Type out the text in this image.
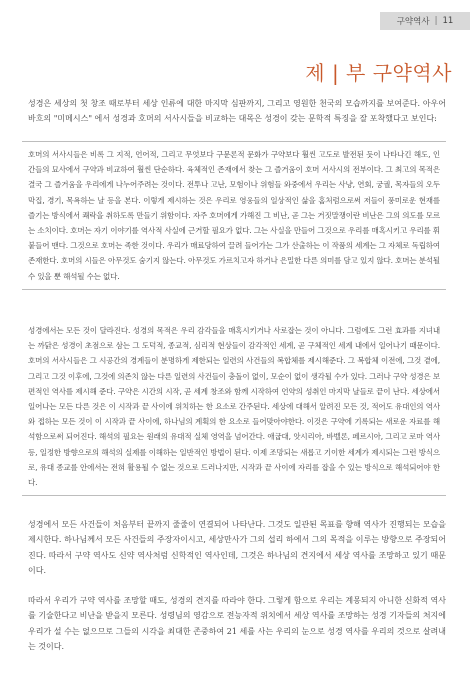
구약역사 | 11
제 | 부 구약역사

성경은 세상의 첫 창조 때로부터 세상 인류에 대한 마지막 심판까지, 그리고 영원한 천국의 모습까지를 보여준다. 아우어바흐의 "미메시스" 에서 성경과 호머의 서사시들을 비교하는 대목은 성경이 갖는 문학적 특징을 잘 포착했다고 보인다:

호머의 서사시들은 비록 그 지적, 언어적, 그리고 무엇보다 구문론적 문화가 구약보다 훨씬 고도로 발전된 듯이 나타나긴 해도, 인간들의 묘사에서 구약과 비교하여 훨씬 단순하다. 육체적인 존재에서 찾는 그 즐거움이 호머 서사시의 전부이다. 그 최고의 목적은 결국 그 즐거움을 우리에게 나누어주려는 것이다. 전투나 고난, 모험이나 위험들 와중에서 우리는 사냥, 연회, 궁궐, 목자들의 오두막집, 경기, 목욕하는 날 등을 본다. 이렇게 제시하는 것은 우리로 영웅들의 일상적인 삶을 홈처럼으로써 저들이 풍미로운 현재를 즐기는 방식에서 쾌락을 취하도록 만들기 위함이다. 자주 호머에게 가해진 그 비난, 곧 그는 거짓말쟁이란 비난은 그의 의도를 모르는 소치이다. 호머는 자기 이야기를 역사적 사실에 근거할 필요가 없다. 그는 사실을 만들어 그것으로 우리를 매혹시키고 우리를 휘 붙들어 맨다. 그것으로 호머는 족한 것이다. 우리가 매료당하여 끌려 들어가는 그가 산출하는 이 작품의 세계는 그 자체로 독립하여 존재한다. 호머의 시들은 아무것도 숨기지 않는다. 아무것도 가르치고자 하거나 은밀한 다른 의미를 담고 있지 않다. 호머는 분석될 수 있을 뿐 해석될 수는 없다.

성경에서는 모든 것이 달라진다. 성경의 목적은 우리 감각들을 매혹시키거나 사로잡는 것이 아니다. 그럼에도 그런 효과를 지녀내는 까닭은 성경이 초점으로 삼는 그 도덕적, 종교적, 심리적 현상들이 감각적인 세계, 곧 구체적인 세계 내에서 일어나기 때문이다. 호머의 서사시들은 그 시공간의 경계들이 분명하게 제한되는 일련의 사건들의 복합체를 제시해준다. 그 복합체 이전에, 그것 곁에, 그리고 그것 이후에, 그것에 의존치 않는 다른 일련의 사건들이 충돌이 없이, 모순이 없이 생각될 수가 있다. 그러나 구약 성경은 보편적인 역사를 제시해 준다. 구약은 시간의 시작, 곧 세계 창조와 함께 시작하여 언약의 성취인 마지막 날들로 끝이 난다. 세상에서 일어나는 모든 다른 것은 이 시작과 끝 사이에 위치하는 한 요소로 간주된다. 세상에 대해서 알려진 모든 것, 적어도 유대인의 역사와 접하는 모든 것이 이 시작과 끝 사이에, 하나님의 계획의 한 요소로 들어맞아야한다. 이것은 구약에 기록되는 새로운 자료를 해석함으로써 되어진다. 해석의 필요는 원래의 유대적 실체 영역을 넘어간다. 애굽대, 앗시리아, 바벨론, 페르시아, 그리고 로마 역사 등, 일정한 방향으로의 해석의 실제를 이해하는 일반적인 방법이 된다. 이제 조망되는 새롭고 기이한 세계가 제시되는 그런 방식으로, 유대 종교를 안에서는 전혀 활용될 수 없는 것으로 드러나지만, 시작과 끝 사이에 자리를 잡을 수 있는 방식으로 해석되어야 한다.

성경에서 모든 사건들이 처음부터 끝까지 줄줄이 연결되어 나타난다. 그것도 일관된 목표를 향해 역사가 진행되는 모습을 제시한다. 하나님께서 모든 사건들의 주장자이시고, 세상만사가 그의 섭리 하에서 그의 목적을 이루는 방향으로 주장되어진다. 따라서 구약 역사도 신약 역사처럼 신학적인 역사인데, 그것은 하나님의 견지에서 세상 역사를 조망하고 있기 때문이다.

따라서 우리가 구약 역사를 조망할 때도, 성경의 견지를 따라야 한다. 그렇게 함으로 우리는 계몽되지 아니한 신화적 역사를 기술한다고 비난을 받을지 모른다. 성령님의 영감으로 전능자적 위치에서 세상 역사를 조망하는 성경 기자들의 처지에 우리가 설 수는 없으므로 그들의 시각을 최대한 존중하여 21 세를 사는 우리의 눈으로 성경 역사를 우리의 것으로 살려내는 것이다.
